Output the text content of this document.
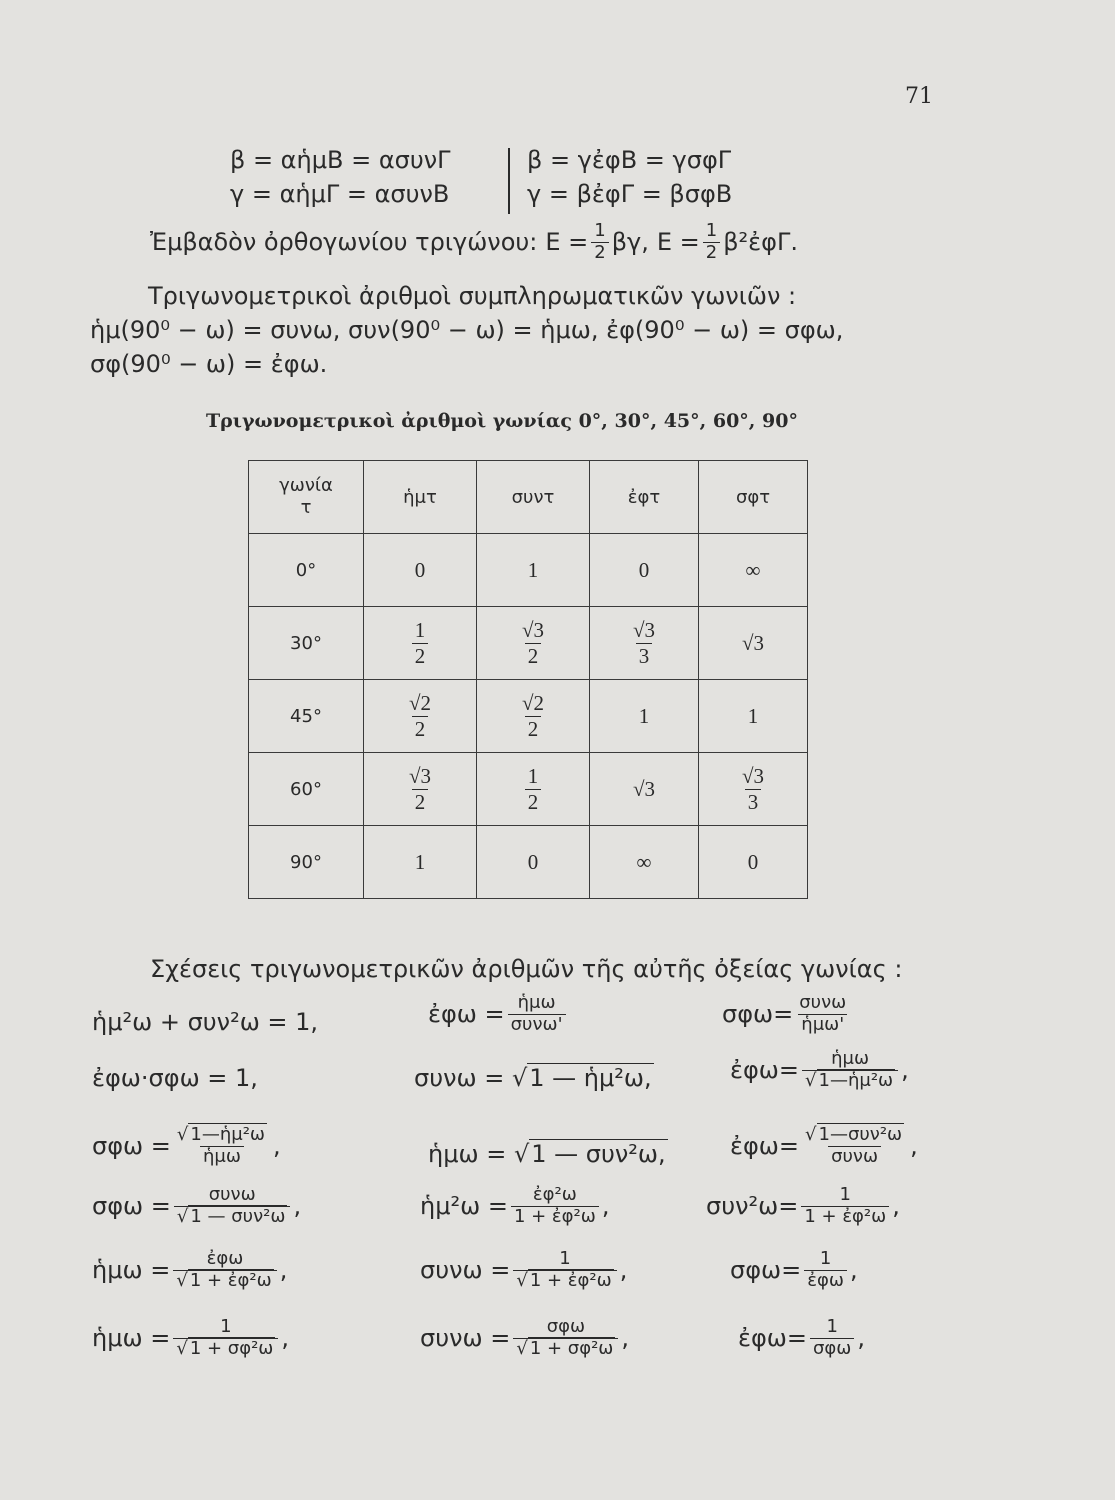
71
β = αἡμΒ = ασυνΓ
γ = αἡμΓ = ασυνΒ
β = γἐφΒ = γσφΓ
γ = βἐφΓ = βσφΒ
Ἐμβαδὸν ὀρθογωνίου τριγώνου: $E = \frac{1}{2} \beta\gamma$, $E = \frac{1}{2}$ β²ἐφΓ.
Τριγωνομετρικοὶ ἀριθμοὶ συμπληρωματικῶν γωνιῶν :
ἡμ(90⁰ − ω) = συνω, συν(90⁰ − ω) = ἡμω, ἐφ(90⁰ − ω) = σφω,
σφ(90⁰ − ω) = ἐφω.
Τριγωνομετρικοὶ ἀριθμοὶ γωνίας 0°, 30°, 45°, 60°, 90°
γωνία
τ	ἡμτ	συντ	ἐφτ	σφτ
0°	0	1	0	∞
30°	$\frac{1}{2}$	$\frac{√3}{2}$	$\frac{√3}{3}$	√3
45°	$\frac{√2}{2}$	$\frac{√2}{2}$	1	1
60°	$\frac{√3}{2}$	$\frac{1}{2}$	√3	$\frac{√3}{3}$

90°	1	0	∞	0
Σχέσεις τριγωνομετρικῶν ἀριθμῶν τῆς αὐτῆς ὀξείας γωνίας :
ἡμ²ω + συν²ω = 1,	ἐφω = $\frac{\text{ἡμω}}{\text{συνω'}}$	$\sigma\varphi\omega= \frac{\text{συνω}}{\text{ἡμω'}}$
ἐφω·σφω = 1,	συνω = √ 1 — ἡμ²ω,	ἐφω= $\frac{\text{ἡμω}}{\text{√ 1—ἡμ²ω}}$ ,
$\sigma\varphi\omega = \frac{\text{√ 1—ἡμ²ω}}{\text{ἡμω}}$ ,	ἡμω = √ 1 — συν²ω,	ἐφω= $\frac{\text{√ 1—συν²ω}}{\text{συνω}}$ ,
$\sigma\varphi\omega = \frac{\text{συνω}}{\text{√ 1 — συν²ω}}$ ,	ἡμ²ω = $\frac{\text{ἐφ²ω}}{\text{1 + ἐφ²ω}}$ ,	$\sigma\upsilon\nu^2\omega= \frac{1}{\text{1 + ἐφ²ω}}$ ,
ἡμω = $\frac{\text{ἐφω}}{\text{√ 1 + ἐφ²ω}}$ ,	$\sigma\upsilon\nu\omega = \frac{1}{\text{√ 1 + ἐφ²ω}}$ ,	$\sigma\varphi\omega= \frac{1}{\text{ἐφω}}$ ,
ἡμω = $\frac{1}{\text{√ 1 + σφ²ω}}$ ,	$\sigma\upsilon\nu\omega = \frac{\text{σφω}}{\text{√ 1 + σφ²ω}}$ ,	ἐφω= $\frac{1}{\text{σφω}}$ ,
